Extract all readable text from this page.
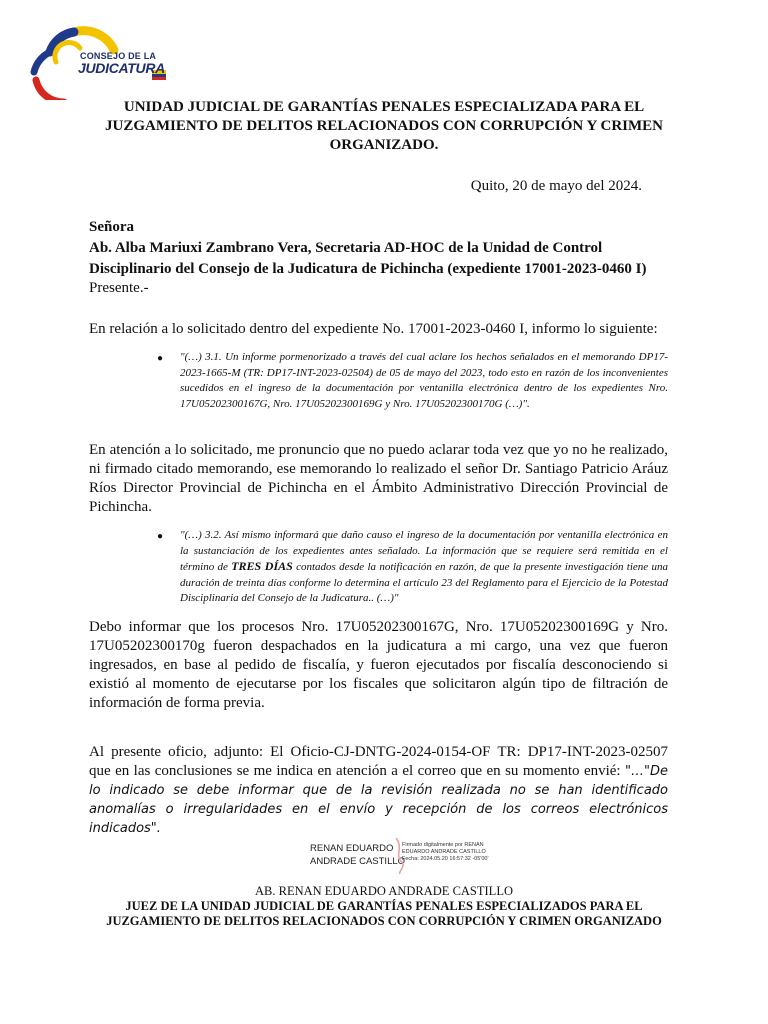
CONSEJO DE LA
JUDICATURA
UNIDAD JUDICIAL DE GARANTÍAS PENALES ESPECIALIZADA PARA EL
JUZGAMIENTO DE DELITOS RELACIONADOS CON CORRUPCIÓN Y CRIMEN
ORGANIZADO.
Quito, 20 de mayo del 2024.
Señora
Ab. Alba Mariuxi Zambrano Vera, Secretaria AD-HOC de la Unidad de Control
Disciplinario del Consejo de la Judicatura de Pichincha (expediente 17001-2023-0460 I)
Presente.-
En relación a lo solicitado dentro del expediente No. 17001-2023-0460 I, informo lo siguiente:
● "(…) 3.1. Un informe pormenorizado a través del cual aclare los hechos señalados en el memorando DP17-2023-1665-M (TR: DP17-INT-2023-02504) de 05 de mayo del 2023, todo esto en razón de los inconvenientes sucedidos en el ingreso de la documentación por ventanilla electrónica dentro de los expedientes Nro. 17U05202300167G, Nro. 17U05202300169G y Nro. 17U05202300170G (…)".
En atención a lo solicitado, me pronuncio que no puedo aclarar toda vez que yo no he realizado, ni firmado citado memorando, ese memorando lo realizado el señor Dr. Santiago Patricio Aráuz Ríos Director Provincial de Pichincha en el Ámbito Administrativo Dirección Provincial de Pichincha.
● "(…) 3.2. Así mismo informará que daño causo el ingreso de la documentación por ventanilla electrónica en la sustanciación de los expedientes antes señalado. La información que se requiere será remitida en el término de TRES DÍAS contados desde la notificación en razón, de que la presente investigación tiene una duración de treinta días conforme lo determina el artículo 23 del Reglamento para el Ejercicio de la Potestad Disciplinaria del Consejo de la Judicatura.. (…)"
Debo informar que los procesos Nro. 17U05202300167G, Nro. 17U05202300169G y Nro. 17U05202300170g fueron despachados en la judicatura a mi cargo, una vez que fueron ingresados, en base al pedido de fiscalía, y fueron ejecutados por fiscalía desconociendo si existió al momento de ejecutarse por los fiscales que solicitaron algún tipo de filtración de información de forma previa.
Al presente oficio, adjunto: El Oficio-CJ-DNTG-2024-0154-OF TR: DP17-INT-2023-02507 que en las conclusiones se me indica en atención a el correo que en su momento envié: "…"De lo indicado se debe informar que de la revisión realizada no se han identificado anomalías o irregularidades en el envío y recepción de los correos electrónicos indicados".
RENAN EDUARDO
ANDRADE CASTILLO
Firmado digitalmente por RENAN
EDUARDO ANDRADE CASTILLO
Fecha: 2024.05.20 16:57:32 -05'00'
AB. RENAN EDUARDO ANDRADE CASTILLO
JUEZ DE LA UNIDAD JUDICIAL DE GARANTÍAS PENALES ESPECIALIZADOS PARA EL
JUZGAMIENTO DE DELITOS RELACIONADOS CON CORRUPCIÓN Y CRIMEN ORGANIZADO
